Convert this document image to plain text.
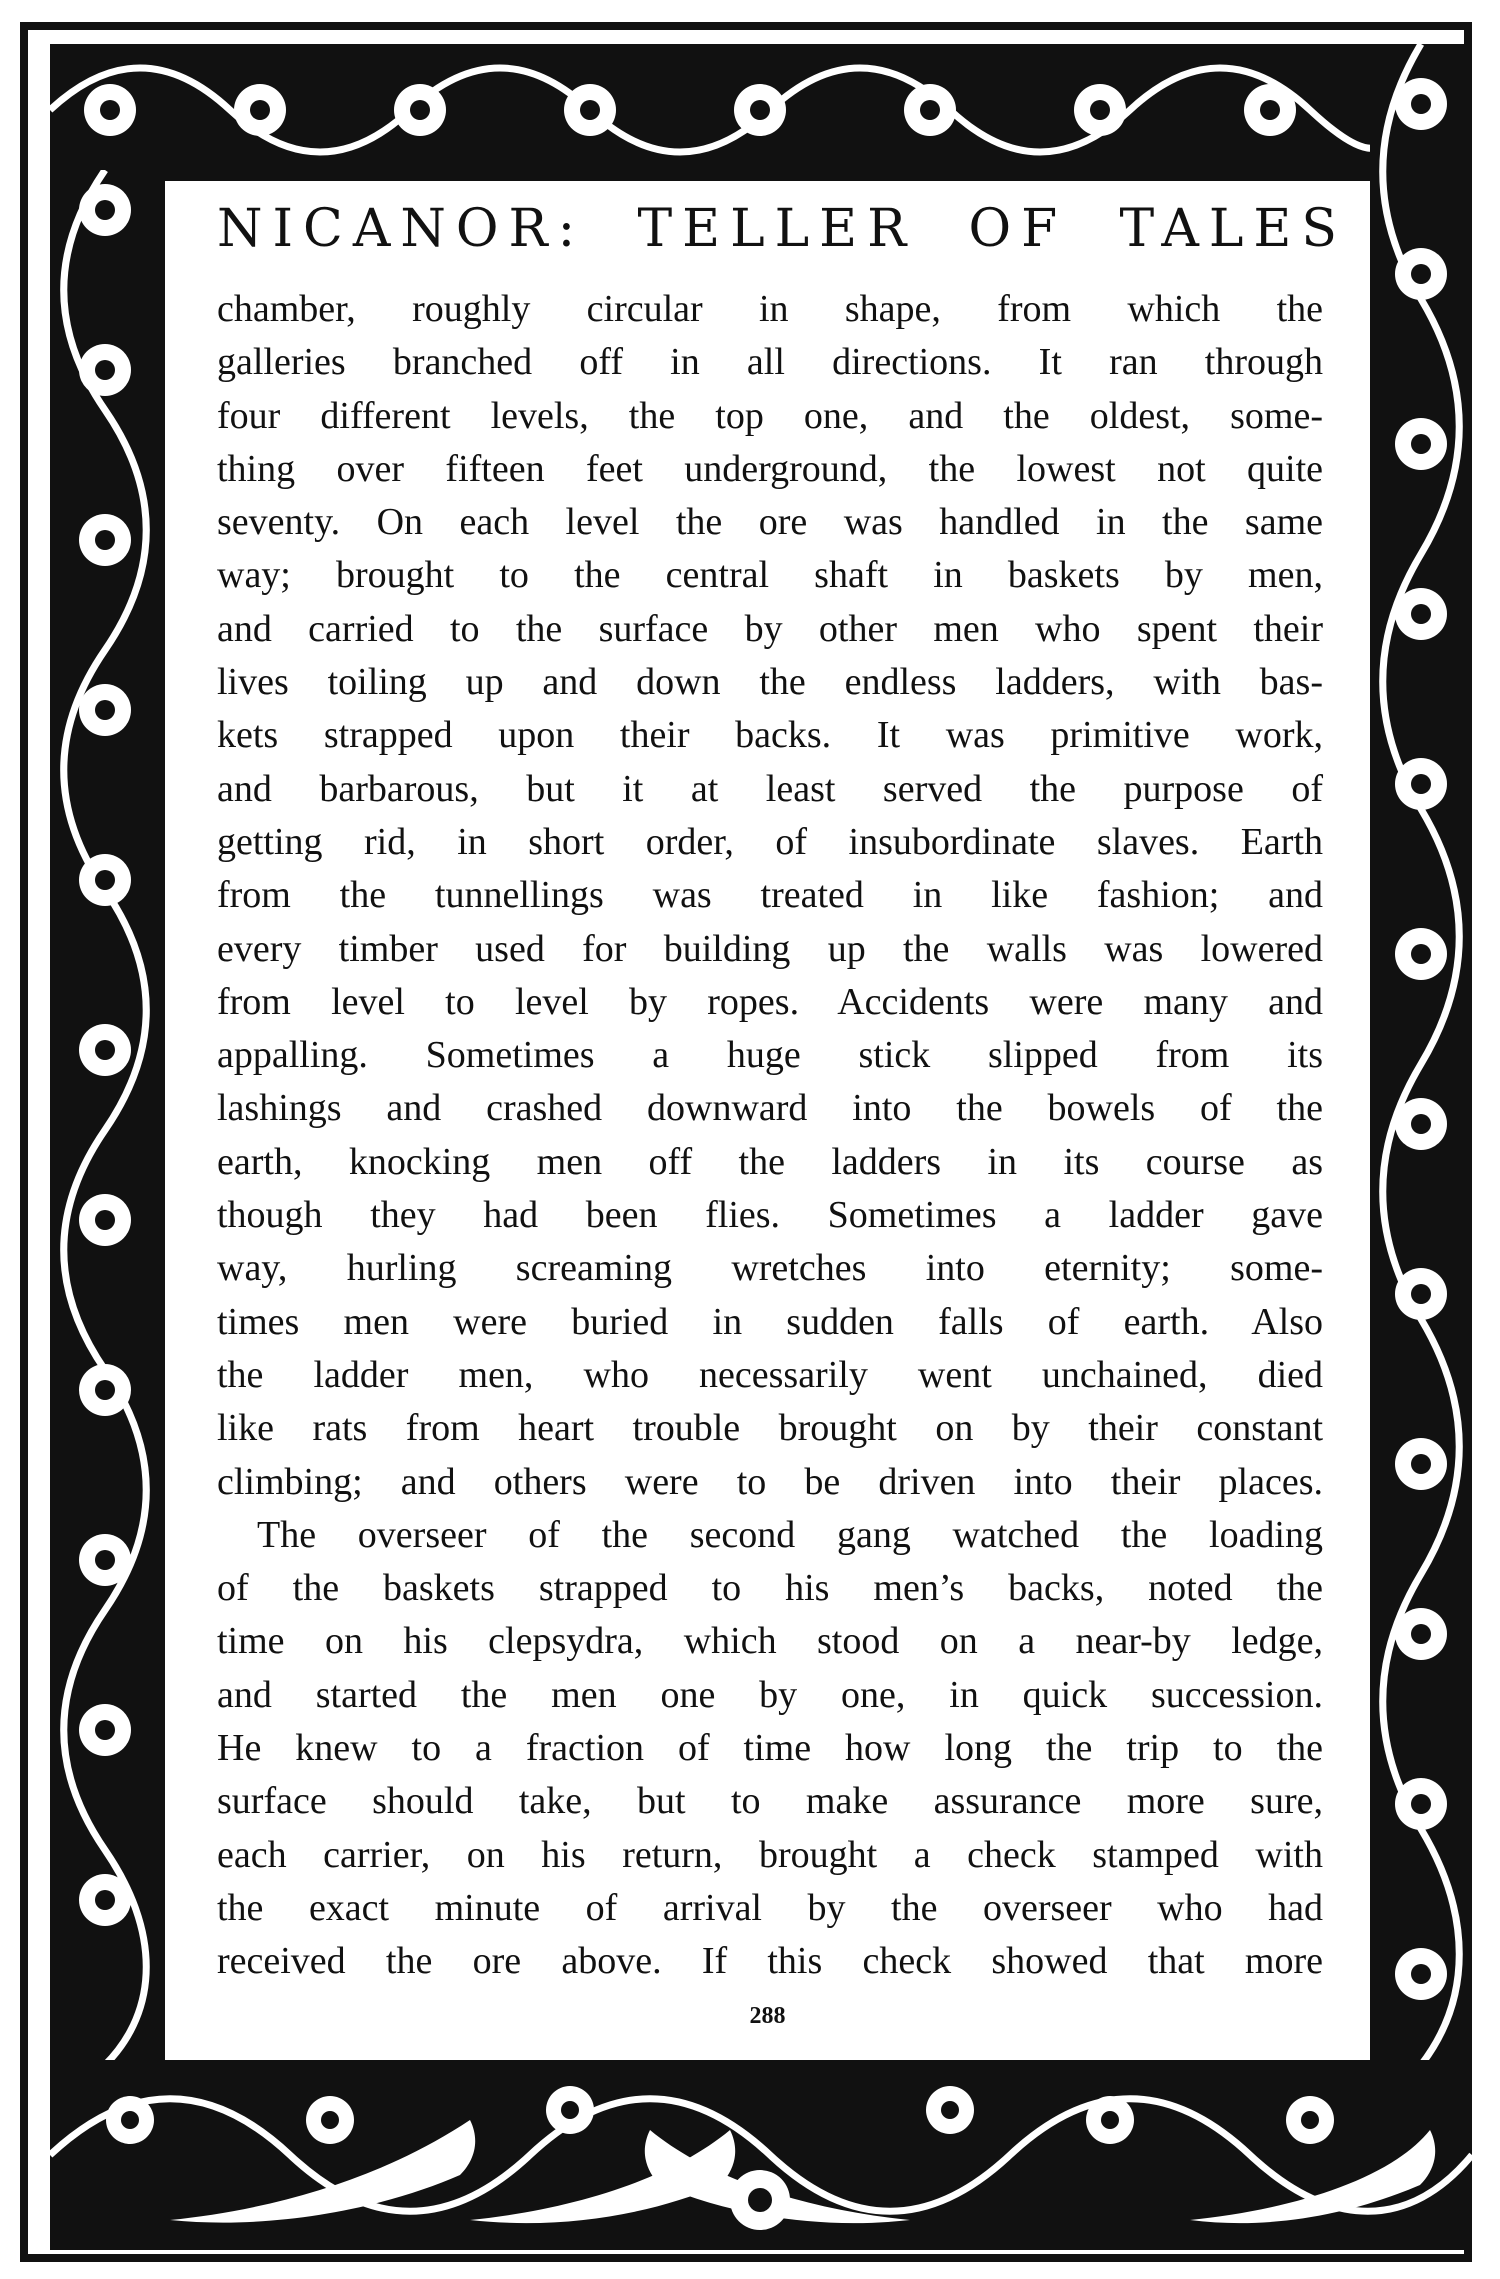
NICANOR: TELLER OF TALES
chamber, roughly circular in shape, from which the
galleries branched off in all directions. It ran through
four different levels, the top one, and the oldest, some-
thing over fifteen feet underground, the lowest not quite
seventy. On each level the ore was handled in the same
way; brought to the central shaft in baskets by men,
and carried to the surface by other men who spent their
lives toiling up and down the endless ladders, with bas-
kets strapped upon their backs. It was primitive work,
and barbarous, but it at least served the purpose of
getting rid, in short order, of insubordinate slaves. Earth
from the tunnellings was treated in like fashion; and
every timber used for building up the walls was lowered
from level to level by ropes. Accidents were many and
appalling. Sometimes a huge stick slipped from its
lashings and crashed downward into the bowels of the
earth, knocking men off the ladders in its course as
though they had been flies. Sometimes a ladder gave
way, hurling screaming wretches into eternity; some-
times men were buried in sudden falls of earth. Also
the ladder men, who necessarily went unchained, died
like rats from heart trouble brought on by their constant
climbing; and others were to be driven into their places.
The overseer of the second gang watched the loading
of the baskets strapped to his men’s backs, noted the
time on his clepsydra, which stood on a near-by ledge,
and started the men one by one, in quick succession.
He knew to a fraction of time how long the trip to the
surface should take, but to make assurance more sure,
each carrier, on his return, brought a check stamped with
the exact minute of arrival by the overseer who had
received the ore above. If this check showed that more
288
